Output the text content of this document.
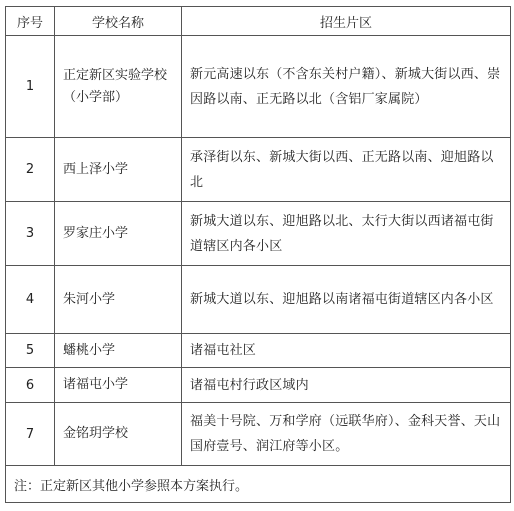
序号	学校名称	招生片区
1	正定新区实验学校（小学部）	新元高速以东（不含东关村户籍）、新城大街以西、崇因路以南、正无路以北（含铝厂家属院）
2	西上泽小学	承泽街以东、新城大街以西、正无路以南、迎旭路以北
3	罗家庄小学	新城大道以东、迎旭路以北、太行大街以西诸福屯街道辖区内各小区
4	朱河小学	新城大道以东、迎旭路以南诸福屯街道辖区内各小区
5	蟠桃小学	诸福屯社区
6	诸福屯小学	诸福屯村行政区域内
7	金铭玥学校	福美十号院、万和学府（远联华府）、金科天誉、天山国府壹号、润江府等小区。
注：正定新区其他小学参照本方案执行。		
